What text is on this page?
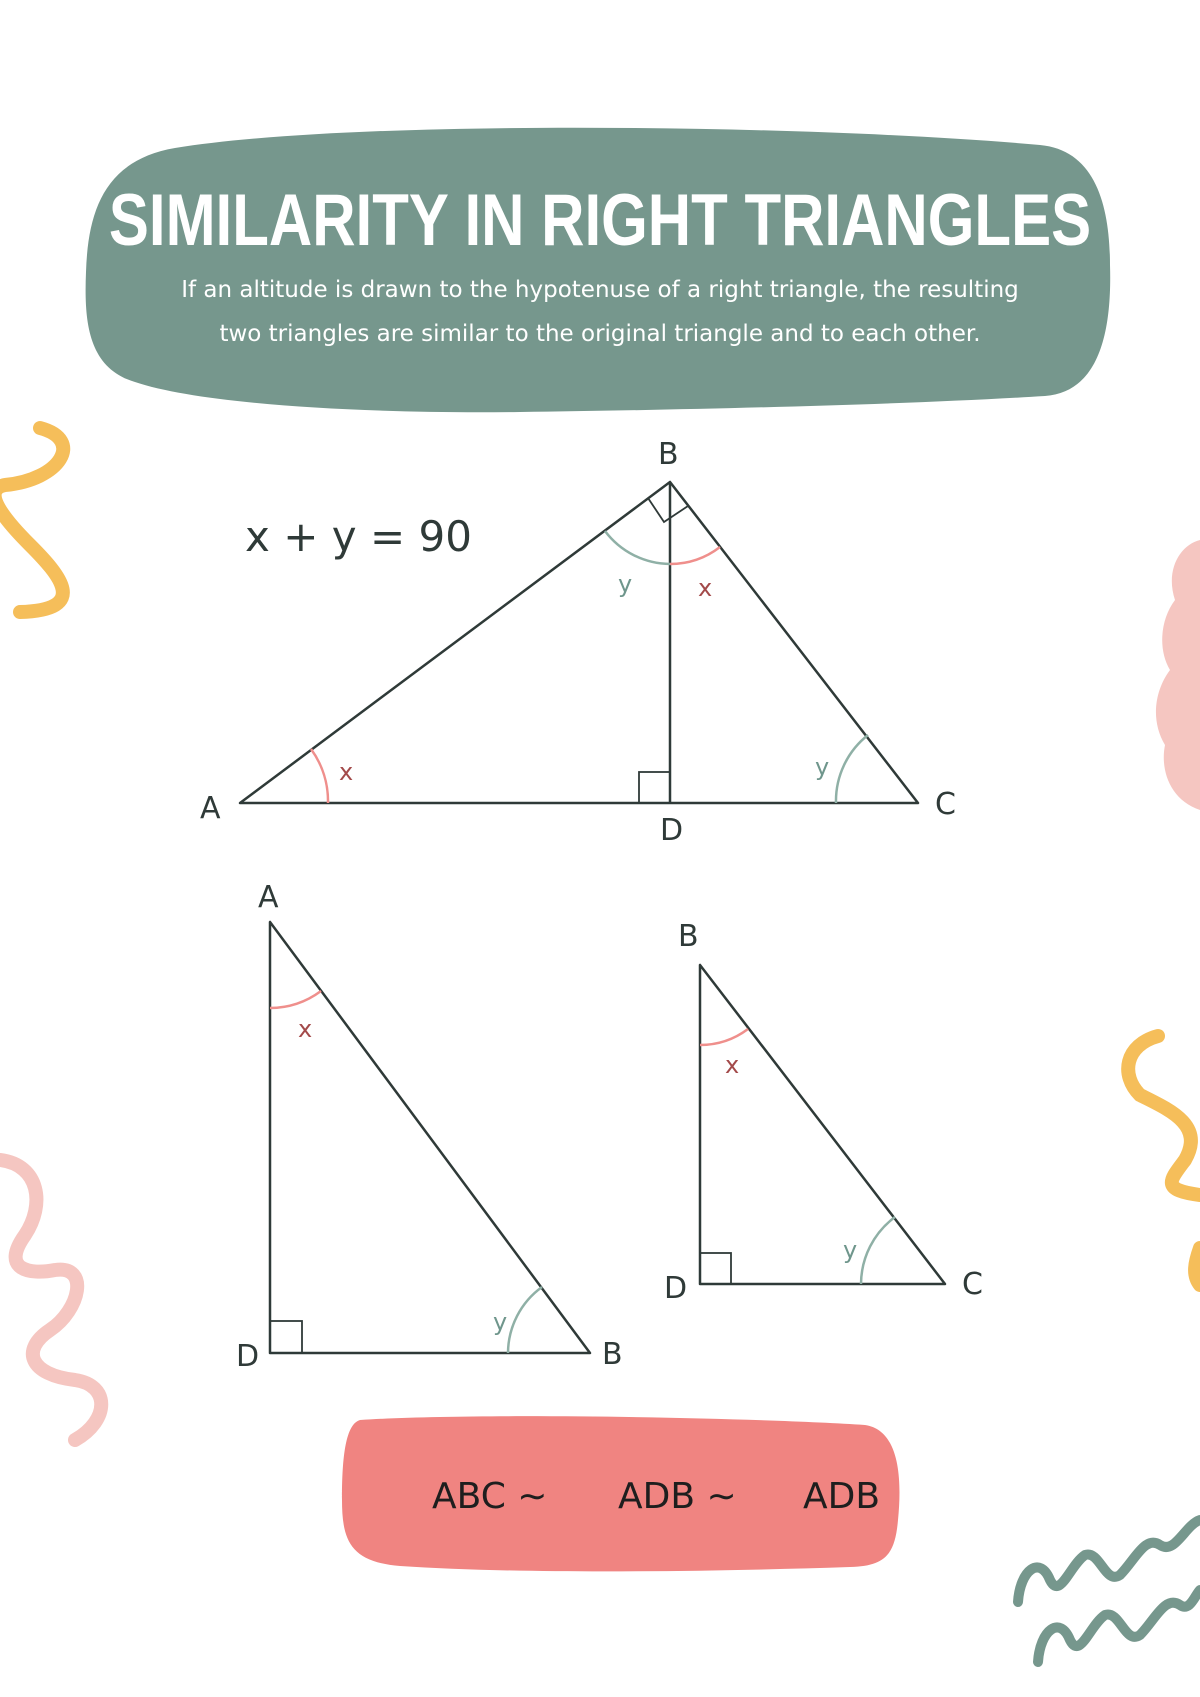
A
B
C
D
y	x
x	y
A
D	B
x
y
B
D	C
x
y
SIMILARITY IN RIGHT TRIANGLES
If an altitude is drawn to the hypotenuse of a right triangle, the resulting
two triangles are similar to the original triangle and to each other.
x + y = 90
ABC ∼ ADB ∼ ADB
